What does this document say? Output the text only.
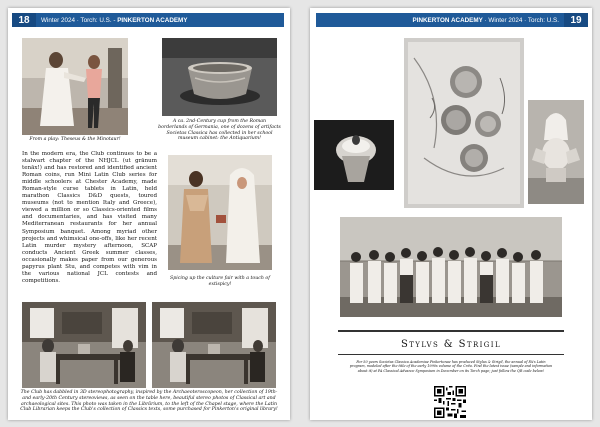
18	Winter 2024 · Torch: U.S. - PINKERTON ACADEMY
From a play: Theseus & the Minotaur!
A ca. 2nd-Century cup from the Roman borderlands of Germania, one of dozens of artifacts Societas Classica has collected in her school museum cabinet: the Antiquarium!
Spicing up the culture fair with a touch of extispicy!

In the modern era, the Club continues to be a stalwart chapter of the NHJCL (ut grānum tenāx!) and has restored and identified ancient Roman coins, run Mini Latin Club series for middle schoolers at Chester Academy, made Roman-style curse tablets in Latin, held marathon Classics D&D quests, toured museums (not to mention Italy and Greece), viewed a million or so Classics-oriented films and documentaries, and has visited many Mediterranean restaurants for her annual Symposium banquet. Among myriad other projects and whimsical one-offs, like her recent Latin murder mystery afternoon, SCAP conducts Ancient Greek summer classes, occasionally makes paper from our generous papyrus plant Stu, and competes with vim in the various national JCL contests and competitions.

The Club has dabbled in 3D stereophotography, inspired by the Archaeoteroscopeon, her collection of 19th- and early-20th Century stereoviews, as seen on the table here, beautiful stereo photos of Classical art and archaeological sites. This photo was taken in the Librārium, to the left of the Chapel stage, where the Latin Club Librarian keeps the Club's collection of Classics texts, some purchased for Pinkerton's original library!
PINKERTON ACADEMY · Winter 2024 · Torch: U.S.	19
Stylvs & Strigil
For 50 years Societas Classica Academiae Pinkertonae has produced Stylus & Strigil, the annual of PA's Latin program, modeled after the title of the early 1990s volume of the Crito. Find the latest issue (sample and information about it) at PA Classical Advance Symposium in December on its Torch page; just follow the QR code below!
